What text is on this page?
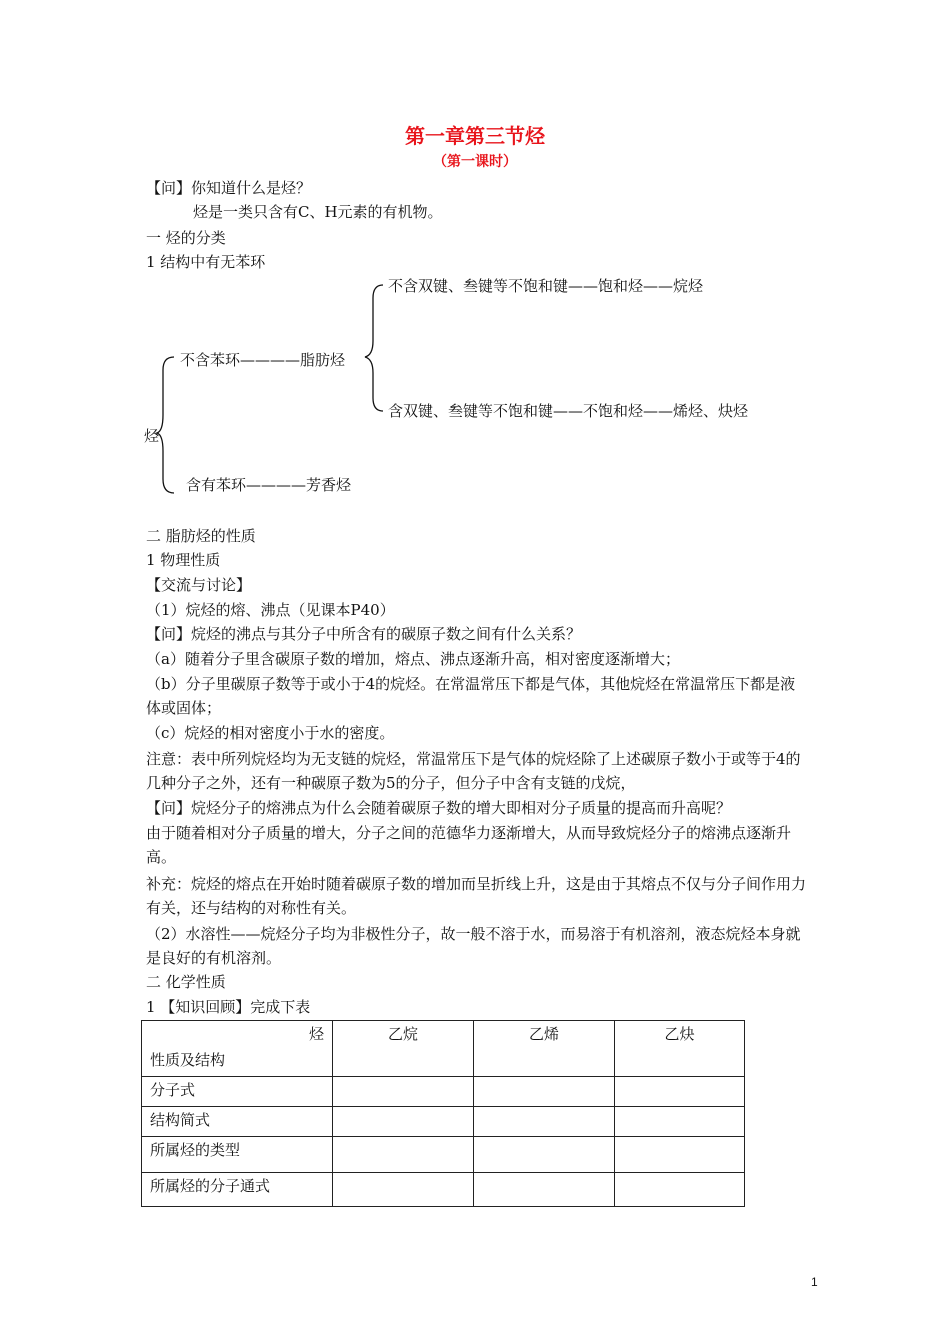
第一章第三节烃
（第一课时）
【问】你知道什么是烃？
烃是一类只含有C、H元素的有机物。
一 烃的分类
1 结构中有无苯环
烃
不含苯环————脂肪烃
不含双键、叁键等不饱和键——饱和烃——烷烃
含双键、叁键等不饱和键——不饱和烃——烯烃、炔烃
含有苯环————芳香烃
二 脂肪烃的性质
1 物理性质
【交流与讨论】
（1）烷烃的熔、沸点（见课本P40）
【问】烷烃的沸点与其分子中所含有的碳原子数之间有什么关系？
（a）随着分子里含碳原子数的增加，熔点、沸点逐渐升高，相对密度逐渐增大；
（b）分子里碳原子数等于或小于4的烷烃。在常温常压下都是气体，其他烷烃在常温常压下都是液体或固体；
（c）烷烃的相对密度小于水的密度。
注意：表中所列烷烃均为无支链的烷烃，常温常压下是气体的烷烃除了上述碳原子数小于或等于4的几种分子之外，还有一种碳原子数为5的分子，但分子中含有支链的戊烷，
【问】烷烃分子的熔沸点为什么会随着碳原子数的增大即相对分子质量的提高而升高呢？
由于随着相对分子质量的增大，分子之间的范德华力逐渐增大，从而导致烷烃分子的熔沸点逐渐升高。
补充：烷烃的熔点在开始时随着碳原子数的增加而呈折线上升，这是由于其熔点不仅与分子间作用力有关，还与结构的对称性有关。
（2）水溶性——烷烃分子均为非极性分子，故一般不溶于水，而易溶于有机溶剂，液态烷烃本身就是良好的有机溶剂。
二 化学性质
1 【知识回顾】完成下表
烃
性质及结构	乙烷	乙烯	乙炔
分子式			
结构简式			
所属烃的类型			
所属烃的分子通式			
1
